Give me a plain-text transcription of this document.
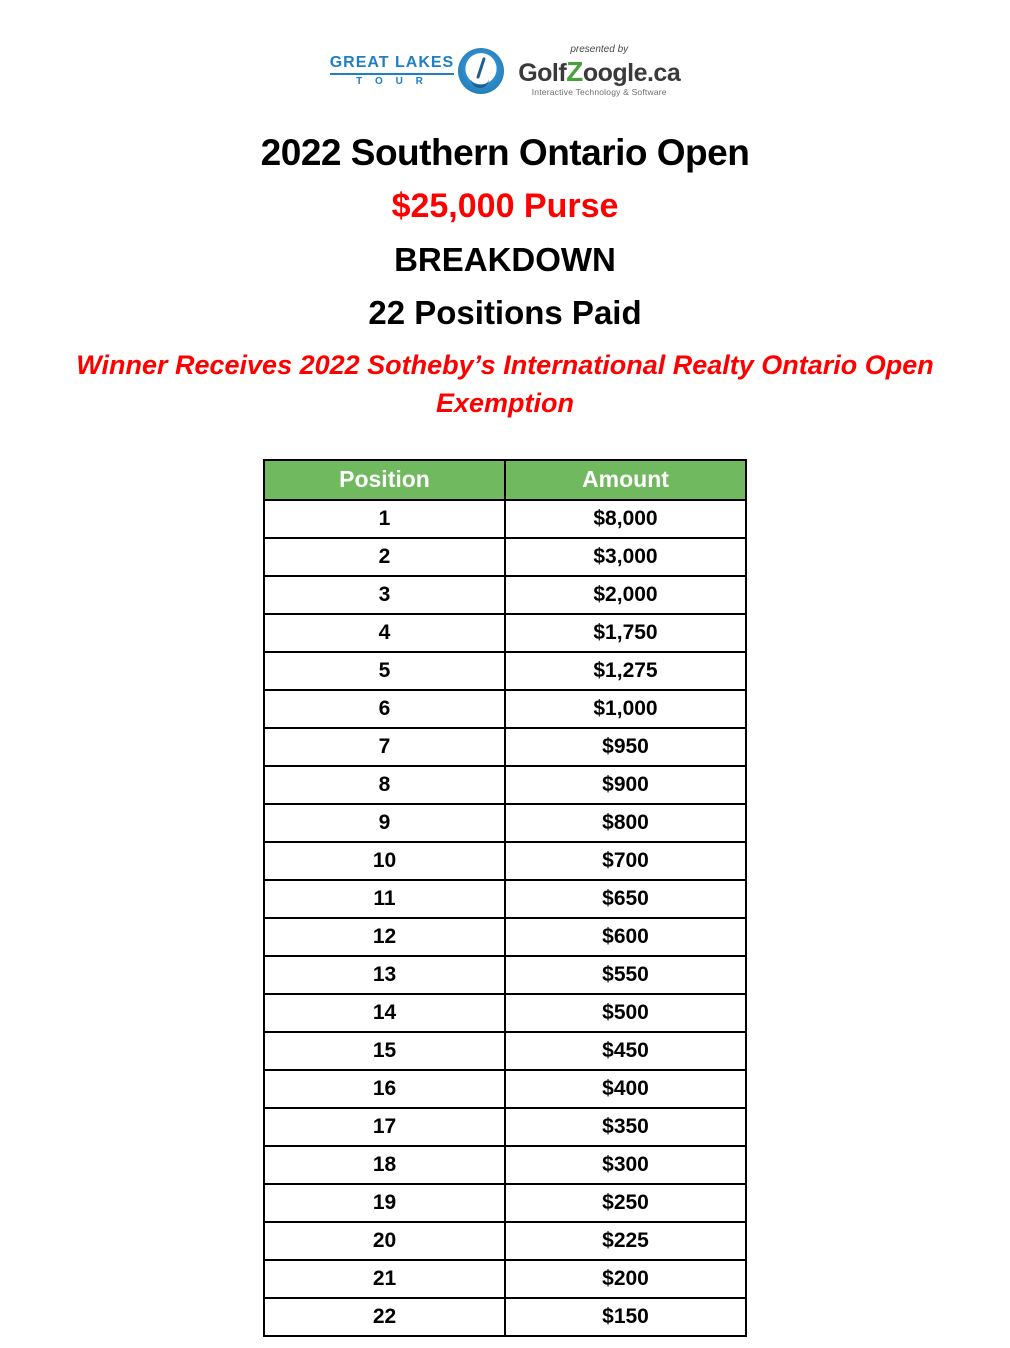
GREAT LAKES
T O U R
presented by
GolfZoogle.ca
Interactive Technology & Software
2022 Southern Ontario Open
$25,000 Purse
BREAKDOWN
22 Positions Paid
Winner Receives 2022 Sotheby’s International Realty Ontario Open Exemption
Position	Amount
1	$8,000
2	$3,000
3	$2,000
4	$1,750
5	$1,275
6	$1,000
7	$950
8	$900
9	$800
10	$700
11	$650
12	$600
13	$550
14	$500
15	$450
16	$400
17	$350
18	$300
19	$250
20	$225
21	$200
22	$150
